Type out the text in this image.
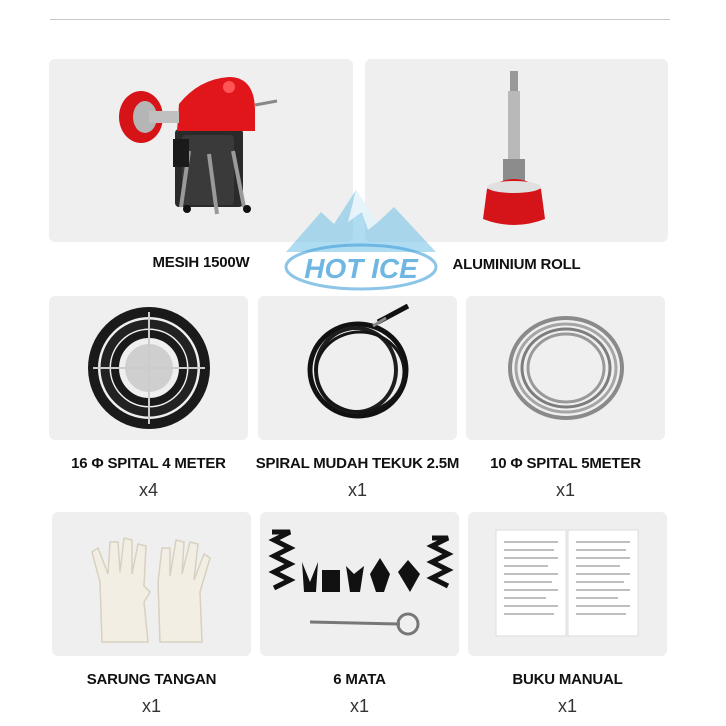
MESIH 1500W	ALUMINIUM ROLL
HOT ICE
16 Φ SPITAL 4 METER
x4
SPIRAL MUDAH TEKUK 2.5M
x1
10 Φ SPITAL 5METER
x1
SARUNG TANGAN
x1
6 MATA
x1
BUKU MANUAL
x1
